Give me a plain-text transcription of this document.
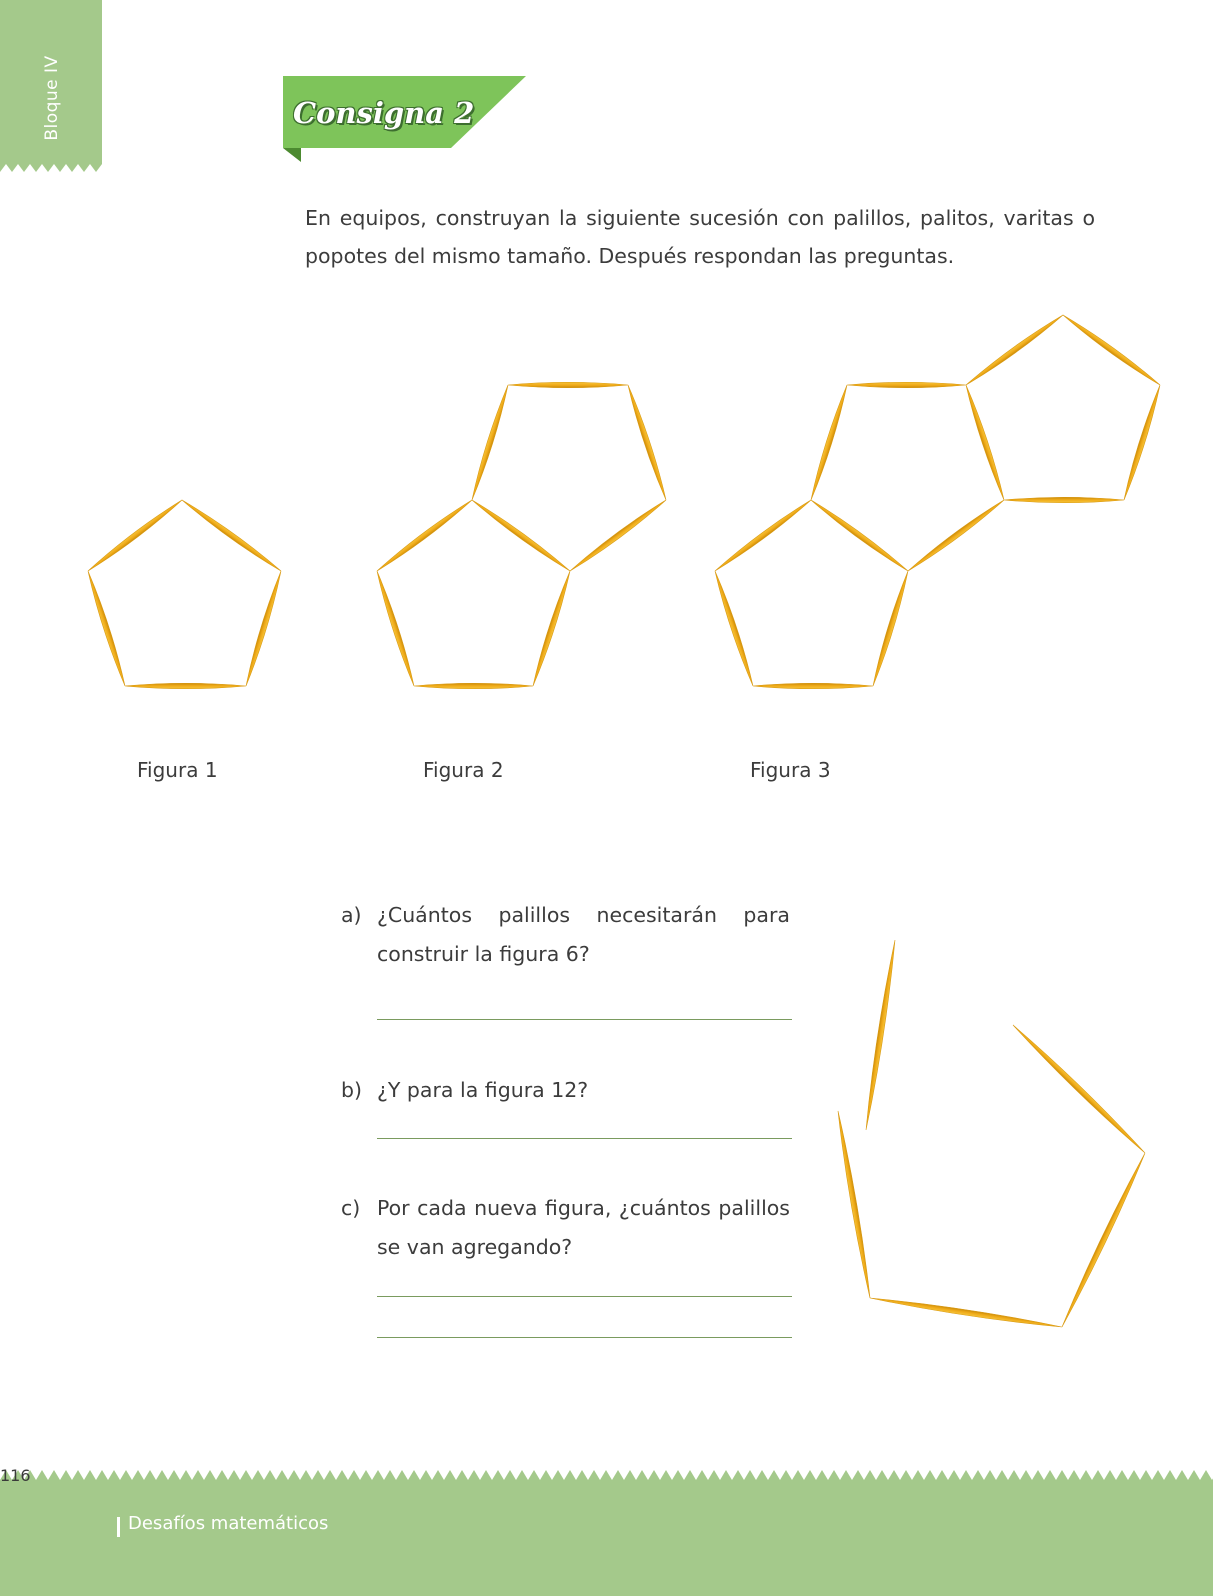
Bloque IV	Consigna 2
En equipos, construyan la siguiente sucesión con palillos, palitos, varitas o popotes del mismo tamaño. Después respondan las preguntas.
Figura 1	Figura 2	Figura 3
a) ¿Cuántos palillos necesitarán para construir la figura 6?
b) ¿Y para la figura 12?
c) Por cada nueva figura, ¿cuántos palillos se van agregando?
116
Desafíos matemáticos
